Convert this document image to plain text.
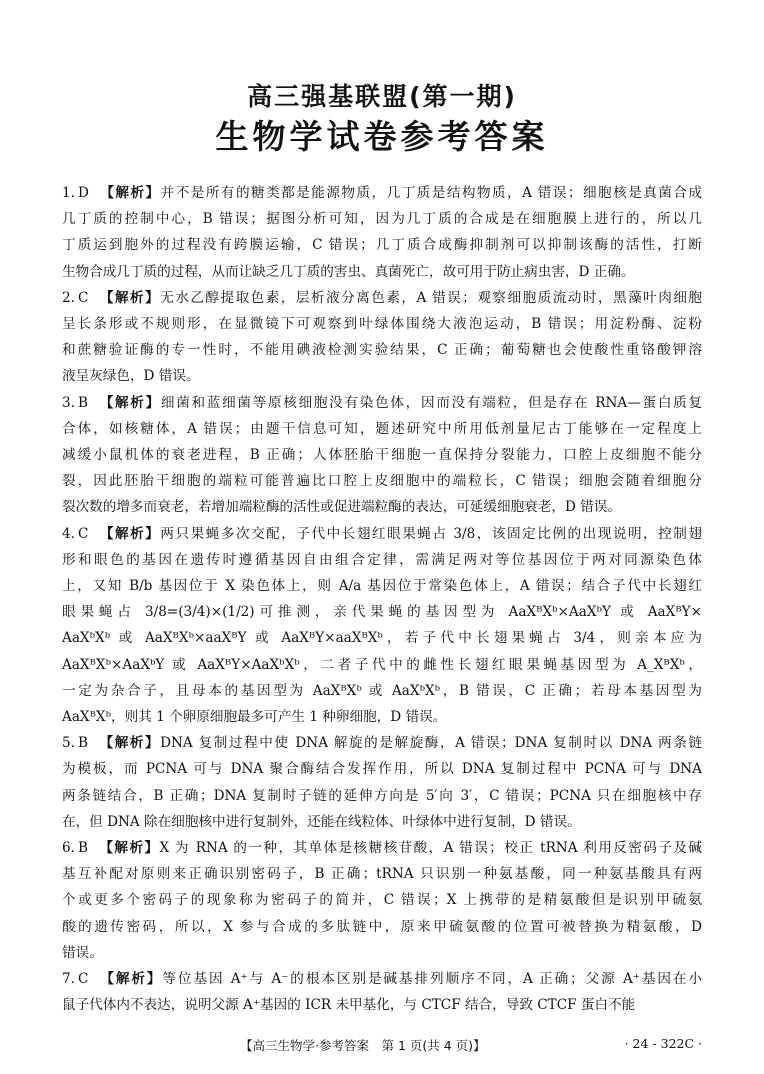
高三强基联盟(第一期)
生物学试卷参考答案

1. D 【解析】并不是所有的糖类都是能源物质，几丁质是结构物质，A 错误；细胞核是真菌合成

几丁质的控制中心，B 错误；据图分析可知，因为几丁质的合成是在细胞膜上进行的，所以几

丁质运到胞外的过程没有跨膜运输，C 错误；几丁质合成酶抑制剂可以抑制该酶的活性，打断

生物合成几丁质的过程，从而让缺乏几丁质的害虫、真菌死亡，故可用于防止病虫害，D 正确。

2. C 【解析】无水乙醇提取色素，层析液分离色素，A 错误；观察细胞质流动时，黑藻叶肉细胞

呈长条形或不规则形，在显微镜下可观察到叶绿体围绕大液泡运动，B 错误；用淀粉酶、淀粉

和蔗糖验证酶的专一性时，不能用碘液检测实验结果，C 正确；葡萄糖也会使酸性重铬酸钾溶

液呈灰绿色，D 错误。

3. B 【解析】细菌和蓝细菌等原核细胞没有染色体，因而没有端粒，但是存在 RNA—蛋白质复

合体，如核糖体，A 错误；由题干信息可知，题述研究中所用低剂量尼古丁能够在一定程度上

减缓小鼠机体的衰老进程，B 正确；人体胚胎干细胞一直保持分裂能力，口腔上皮细胞不能分

裂，因此胚胎干细胞的端粒可能普遍比口腔上皮细胞中的端粒长，C 错误；细胞会随着细胞分

裂次数的增多而衰老，若增加端粒酶的活性或促进端粒酶的表达，可延缓细胞衰老，D 错误。

4. C 【解析】两只果蝇多次交配，子代中长翅红眼果蝇占 3/8，该固定比例的出现说明，控制翅

形和眼色的基因在遗传时遵循基因自由组合定律，需满足两对等位基因位于两对同源染色体

上，又知 B/b 基因位于 X 染色体上，则 A/a 基因位于常染色体上，A 错误；结合子代中长翅红

眼果蝇占 3/8=(3/4)×(1/2)可推测，亲代果蝇的基因型为 AaXᴮXᵇ×AaXᵇY 或 AaXᴮY×

AaXᵇXᵇ 或 AaXᴮXᵇ×aaXᴮY 或 AaXᴮY×aaXᴮXᵇ，若子代中长翅果蝇占 3/4，则亲本应为

AaXᴮXᵇ×AaXᵇY 或 AaXᴮY×AaXᵇXᵇ，二者子代中的雌性长翅红眼果蝇基因型为 A_XᴮXᵇ，

一定为杂合子，且母本的基因型为 AaXᴮXᵇ 或 AaXᵇXᵇ，B 错误，C 正确；若母本基因型为

AaXᴮXᵇ，则其 1 个卵原细胞最多可产生 1 种卵细胞，D 错误。

5. B 【解析】DNA 复制过程中使 DNA 解旋的是解旋酶，A 错误；DNA 复制时以 DNA 两条链

为模板，而 PCNA 可与 DNA 聚合酶结合发挥作用，所以 DNA 复制过程中 PCNA 可与 DNA

两条链结合，B 正确；DNA 复制时子链的延伸方向是 5′向 3′，C 错误；PCNA 只在细胞核中存

在，但 DNA 除在细胞核中进行复制外，还能在线粒体、叶绿体中进行复制，D 错误。

6. B 【解析】X 为 RNA 的一种，其单体是核糖核苷酸，A 错误；校正 tRNA 利用反密码子及碱

基互补配对原则来正确识别密码子，B 正确；tRNA 只识别一种氨基酸，同一种氨基酸具有两

个或更多个密码子的现象称为密码子的简并，C 错误；X 上携带的是精氨酸但是识别甲硫氨

酸的遗传密码，所以，X 参与合成的多肽链中，原来甲硫氨酸的位置可被替换为精氨酸，D

错误。

7. C 【解析】等位基因 A⁺与 A⁻的根本区别是碱基排列顺序不同，A 正确；父源 A⁺基因在小

鼠子代体内不表达，说明父源 A⁺基因的 ICR 未甲基化，与 CTCF 结合，导致 CTCF 蛋白不能

【高三生物学·参考答案　第 1 页(共 4 页)】	· 24 - 322C ·
